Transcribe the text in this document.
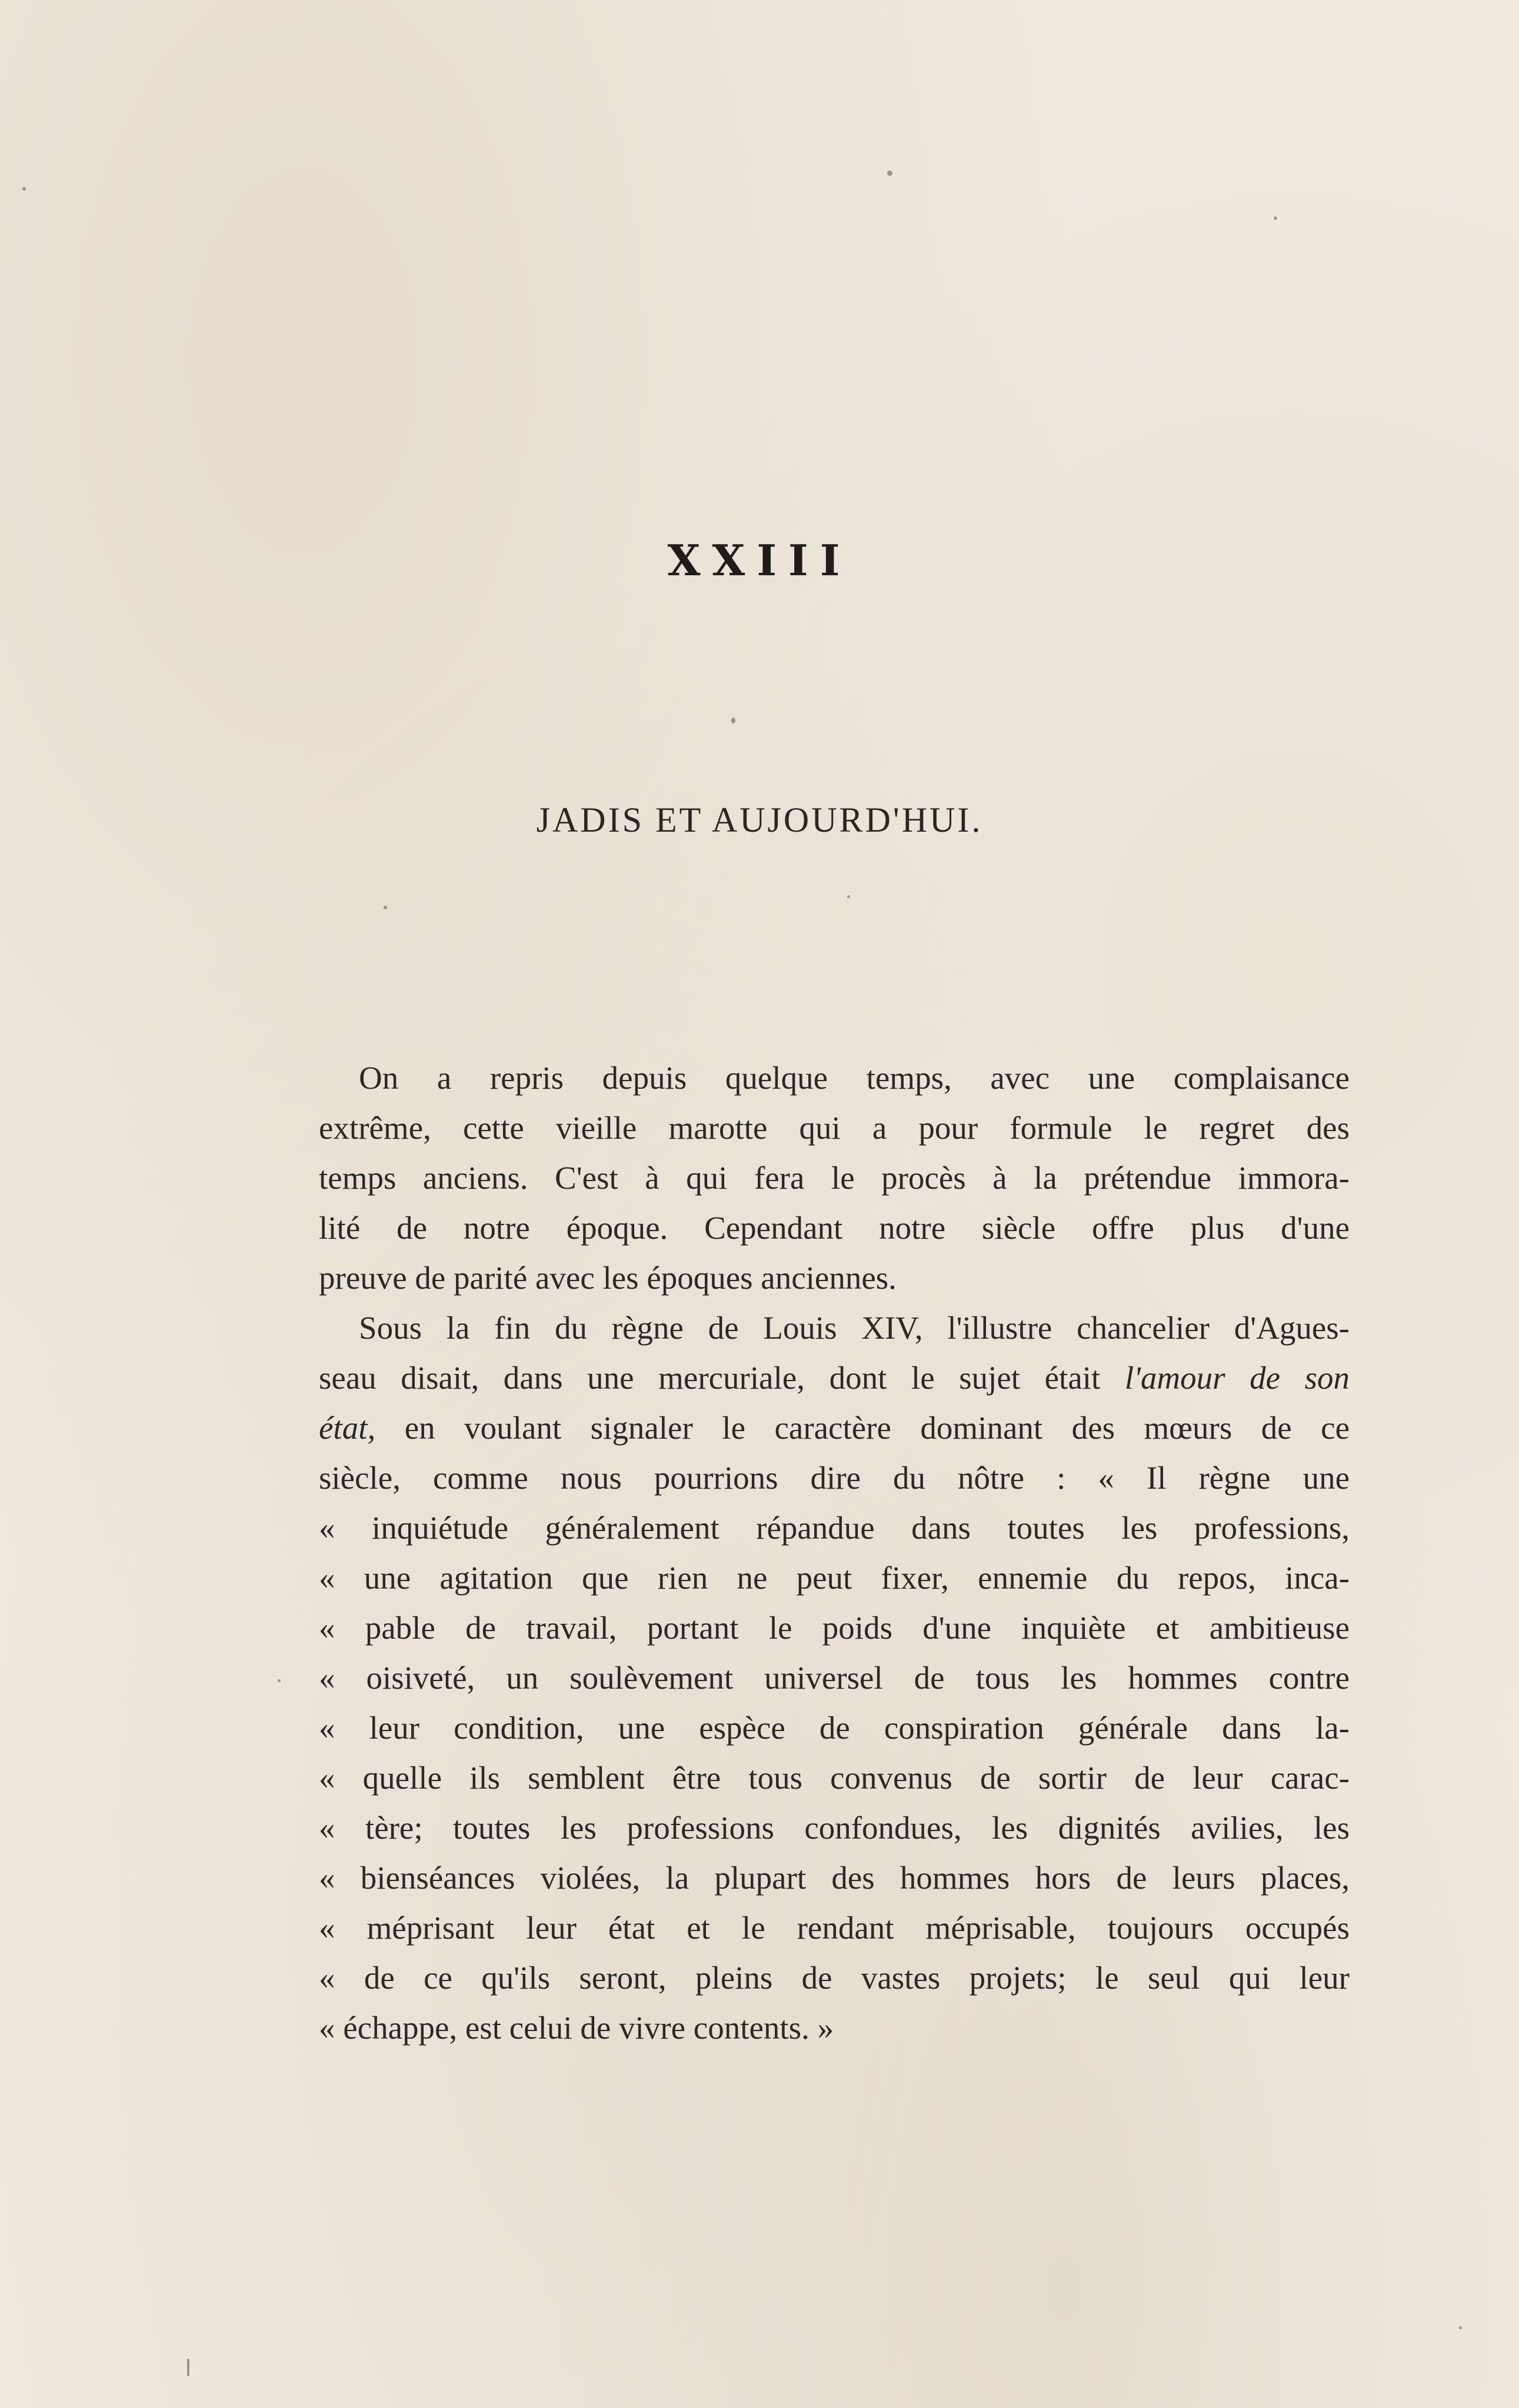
XXIII
JADIS ET AUJOURD'HUI.
On a repris depuis quelque temps, avec une complaisance
extrême, cette vieille marotte qui a pour formule le regret des
temps anciens. C'est à qui fera le procès à la prétendue immora-
lité de notre époque. Cependant notre siècle offre plus d'une
preuve de parité avec les époques anciennes.
Sous la fin du règne de Louis XIV, l'illustre chancelier d'Agues-
seau disait, dans une mercuriale, dont le sujet était l'amour de son
état, en voulant signaler le caractère dominant des mœurs de ce
siècle, comme nous pourrions dire du nôtre : « Il règne une
« inquiétude généralement répandue dans toutes les professions,
« une agitation que rien ne peut fixer, ennemie du repos, inca-
« pable de travail, portant le poids d'une inquiète et ambitieuse
« oisiveté, un soulèvement universel de tous les hommes contre
« leur condition, une espèce de conspiration générale dans la-
« quelle ils semblent être tous convenus de sortir de leur carac-
« tère; toutes les professions confondues, les dignités avilies, les
« bienséances violées, la plupart des hommes hors de leurs places,
« méprisant leur état et le rendant méprisable, toujours occupés
« de ce qu'ils seront, pleins de vastes projets; le seul qui leur
« échappe, est celui de vivre contents. »
